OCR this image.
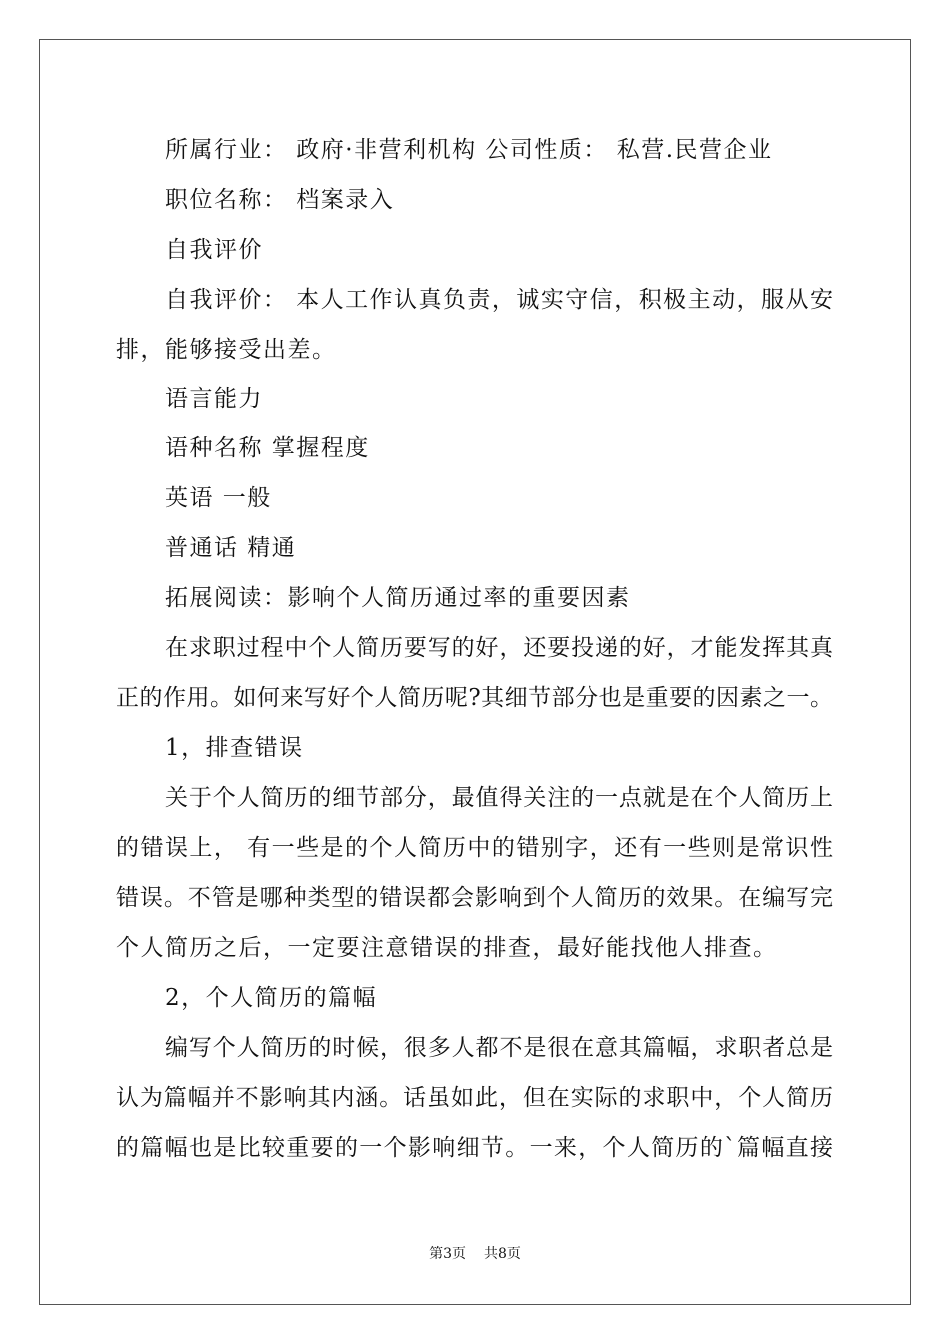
所属行业： 政府·非营利机构 公司性质： 私营.民营企业
职位名称： 档案录入
自我评价
自我评价： 本人工作认真负责，诚实守信，积极主动，服从安
排，能够接受出差。
语言能力
语种名称 掌握程度
英语 一般
普通话 精通
拓展阅读：影响个人简历通过率的重要因素
在求职过程中个人简历要写的好，还要投递的好，才能发挥其真
正的作用。如何来写好个人简历呢?其细节部分也是重要的因素之一。
1，排查错误
关于个人简历的细节部分，最值得关注的一点就是在个人简历上
的错误上， 有一些是的个人简历中的错别字，还有一些则是常识性
错误。不管是哪种类型的错误都会影响到个人简历的效果。在编写完
个人简历之后，一定要注意错误的排查，最好能找他人排查。
2，个人简历的篇幅
编写个人简历的时候，很多人都不是很在意其篇幅，求职者总是
认为篇幅并不影响其内涵。话虽如此，但在实际的求职中，个人简历
的篇幅也是比较重要的一个影响细节。一来，个人简历的`篇幅直接
第3页 共8页
